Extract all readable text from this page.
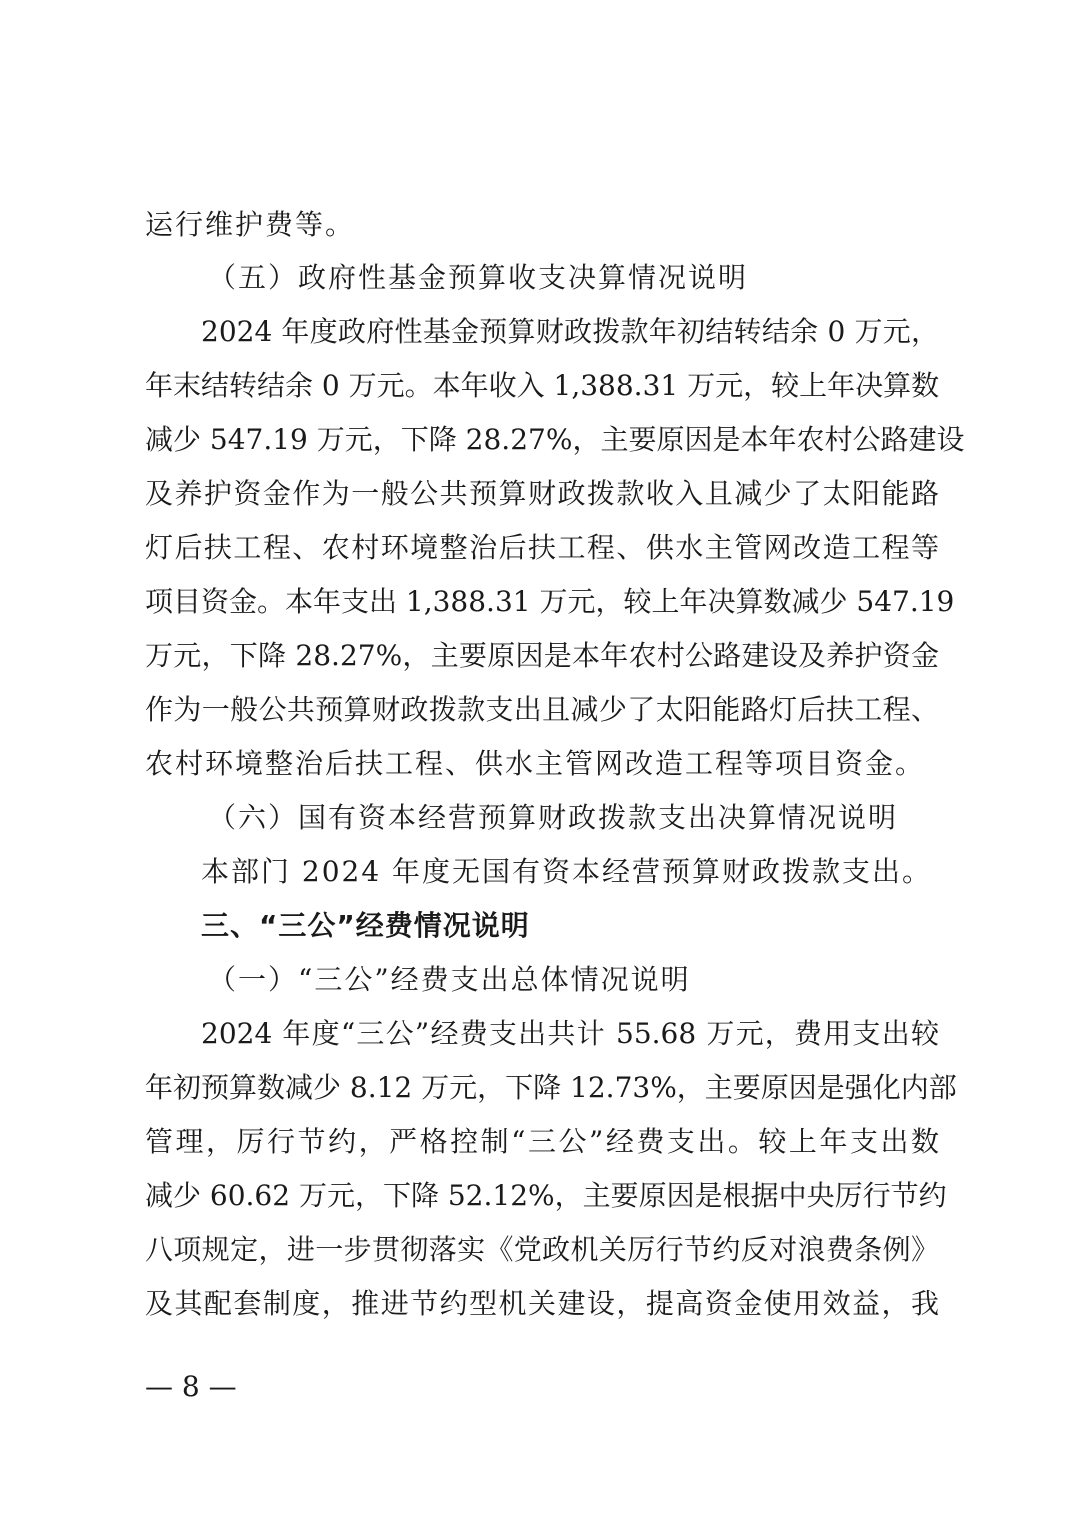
运行维护费等。
（五）政府性基金预算收支决算情况说明
2024 年度政府性基金预算财政拨款年初结转结余 0 万元，
年末结转结余 0 万元。本年收入 1,388.31 万元，较上年决算数
减少 547.19 万元，下降 28.27%，主要原因是本年农村公路建设
及养护资金作为一般公共预算财政拨款收入且减少了太阳能路
灯后扶工程、农村环境整治后扶工程、供水主管网改造工程等
项目资金。本年支出 1,388.31 万元，较上年决算数减少 547.19
万元，下降 28.27%，主要原因是本年农村公路建设及养护资金
作为一般公共预算财政拨款支出且减少了太阳能路灯后扶工程、
农村环境整治后扶工程、供水主管网改造工程等项目资金。
（六）国有资本经营预算财政拨款支出决算情况说明
本部门 2024 年度无国有资本经营预算财政拨款支出。
三、“三公”经费情况说明
（一）“三公”经费支出总体情况说明
2024 年度“三公”经费支出共计 55.68 万元，费用支出较
年初预算数减少 8.12 万元，下降 12.73%，主要原因是强化内部
管理，厉行节约，严格控制“三公”经费支出。较上年支出数
减少 60.62 万元，下降 52.12%，主要原因是根据中央厉行节约
八项规定，进一步贯彻落实《党政机关厉行节约反对浪费条例》
及其配套制度，推进节约型机关建设，提高资金使用效益，我
— 8 —
